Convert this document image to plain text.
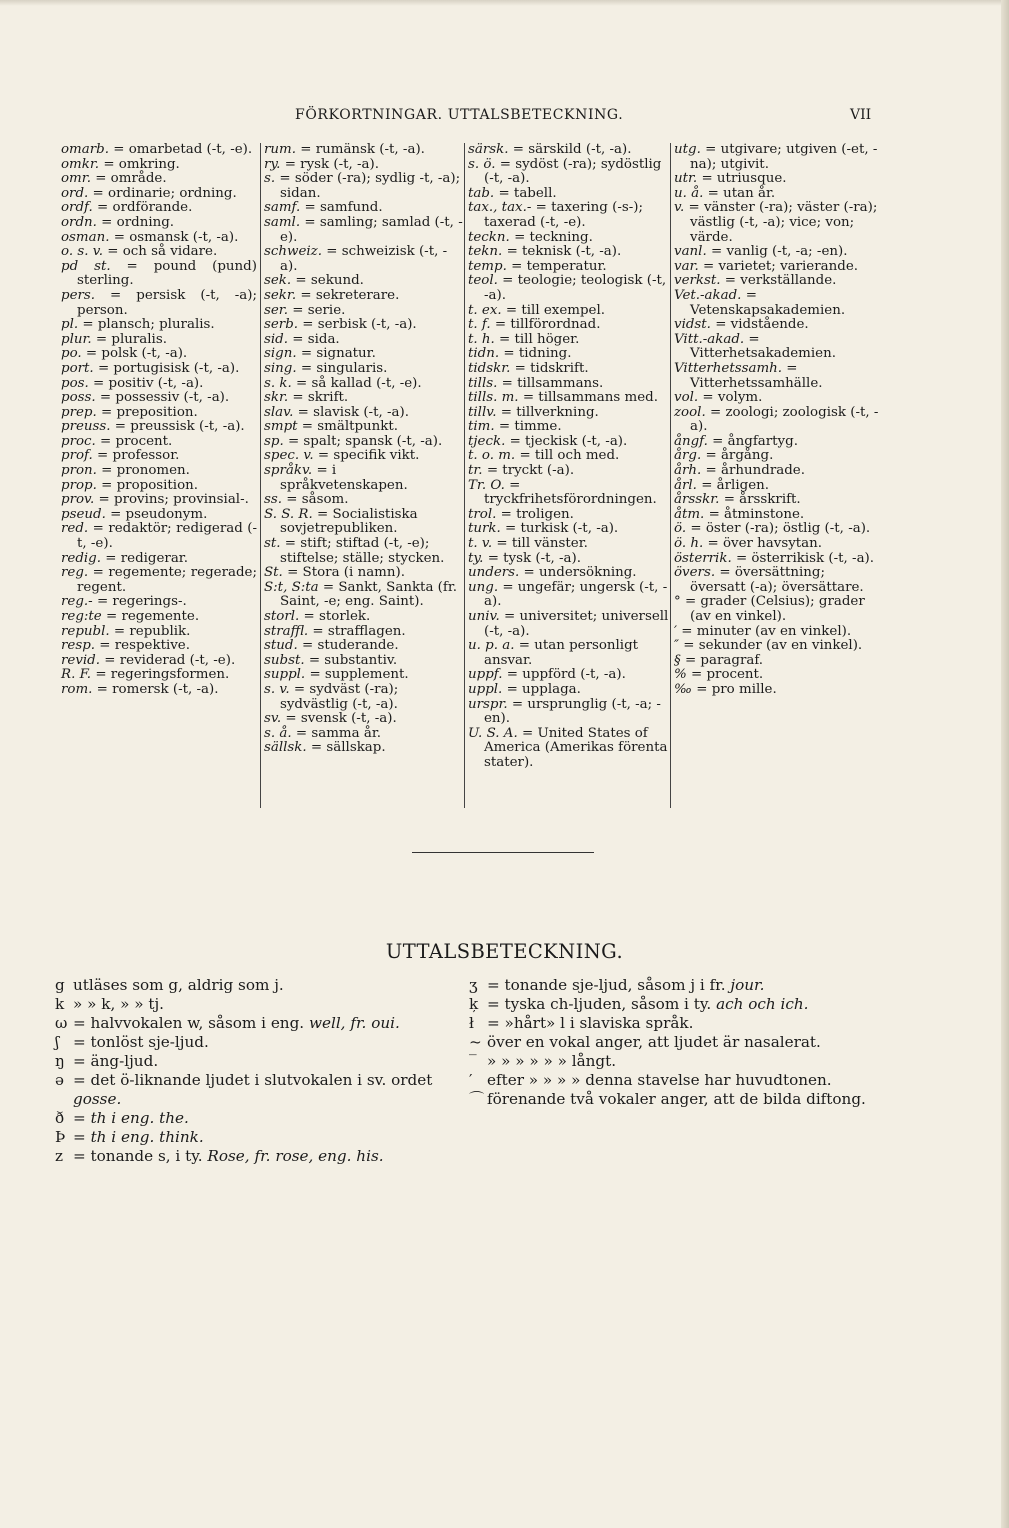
FÖRKORTNINGAR. UTTALSBETECKNING.	VII

omarb. = omarbetad (-t, -e).

omkr. = omkring.

omr. = område.

ord. = ordinarie; ordning.

ordf. = ordförande.

ordn. = ordning.

osman. = osmansk (-t, -a).

o. s. v. = och så vidare.

pd st. = pound (pund) sterling.

pers. = persisk (-t, -a); person.

pl. = plansch; pluralis.

plur. = pluralis.

po. = polsk (-t, -a).

port. = portugisisk (-t, -a).

pos. = positiv (-t, -a).

poss. = possessiv (-t, -a).

prep. = preposition.

preuss. = preussisk (-t, -a).

proc. = procent.

prof. = professor.

pron. = pronomen.

prop. = proposition.

prov. = provins; provinsial-.

pseud. = pseudonym.

red. = redaktör; redigerad (-t, -e).

redig. = redigerar.

reg. = regemente; regerade; regent.

reg.- = regerings-.

reg:te = regemente.

republ. = republik.

resp. = respektive.

revid. = reviderad (-t, -e).

R. F. = regeringsformen.

rom. = romersk (-t, -a).

rum. = rumänsk (-t, -a).

ry. = rysk (-t, -a).

s. = söder (-ra); sydlig -t, -a); sidan.

samf. = samfund.

saml. = samling; samlad (-t, -e).

schweiz. = schweizisk (-t, -a).

sek. = sekund.

sekr. = sekreterare.

ser. = serie.

serb. = serbisk (-t, -a).

sid. = sida.

sign. = signatur.

sing. = singularis.

s. k. = så kallad (-t, -e).

skr. = skrift.

slav. = slavisk (-t, -a).

smpt = smältpunkt.

sp. = spalt; spansk (-t, -a).

spec. v. = specifik vikt.

språkv. = i språkvetenskapen.

ss. = såsom.

S. S. R. = Socialistiska sovjetrepubliken.

st. = stift; stiftad (-t, -e); stiftelse; ställe; stycken.

St. = Stora (i namn).

S:t, S:ta = Sankt, Sankta (fr. Saint, -e; eng. Saint).

storl. = storlek.

straffl. = strafflagen.

stud. = studerande.

subst. = substantiv.

suppl. = supplement.

s. v. = sydväst (-ra); sydvästlig (-t, -a).

sv. = svensk (-t, -a).

s. å. = samma år.

sällsk. = sällskap.

särsk. = särskild (-t, -a).

s. ö. = sydöst (-ra); sydöstlig (-t, -a).

tab. = tabell.

tax., tax.- = taxering (-s-); taxerad (-t, -e).

teckn. = teckning.

tekn. = teknisk (-t, -a).

temp. = temperatur.

teol. = teologie; teologisk (-t, -a).

t. ex. = till exempel.

t. f. = tillförordnad.

t. h. = till höger.

tidn. = tidning.

tidskr. = tidskrift.

tills. = tillsammans.

tills. m. = tillsammans med.

tillv. = tillverkning.

tim. = timme.

tjeck. = tjeckisk (-t, -a).

t. o. m. = till och med.

tr. = tryckt (-a).

Tr. O. = tryckfrihetsförordningen.

trol. = troligen.

turk. = turkisk (-t, -a).

t. v. = till vänster.

ty. = tysk (-t, -a).

unders. = undersökning.

ung. = ungefär; ungersk (-t, -a).

univ. = universitet; universell (-t, -a).

u. p. a. = utan personligt ansvar.

uppf. = uppförd (-t, -a).

uppl. = upplaga.

urspr. = ursprunglig (-t, -a; -en).

U. S. A. = United States of America (Amerikas förenta stater).

utg. = utgivare; utgiven (-et, -na); utgivit.

utr. = utriusque.

u. å. = utan år.

v. = vänster (-ra); väster (-ra); västlig (-t, -a); vice; von; värde.

vanl. = vanlig (-t, -a; -en).

var. = varietet; varierande.

verkst. = verkställande.

Vet.-akad. = Vetenskapsakademien.

vidst. = vidstående.

Vitt.-akad. = Vitterhetsakademien.

Vitterhetssamh. = Vitterhetssamhälle.

vol. = volym.

zool. = zoologi; zoologisk (-t, -a).

ångf. = ångfartyg.

årg. = årgång.

årh. = århundrade.

årl. = årligen.

årsskr. = årsskrift.

åtm. = åtminstone.

ö. = öster (-ra); östlig (-t, -a).

ö. h. = över havsytan.

österrik. = österrikisk (-t, -a).

övers. = översättning; översatt (-a); översättare.

° = grader (Celsius); grader (av en vinkel).

′ = minuter (av en vinkel).

″ = sekunder (av en vinkel).

§ = paragraf.

% = procent.

‰ = pro mille.

UTTALSBETECKNING.
g utläses som g, aldrig som j.
k » » k, » » tj.
ω = halvvokalen w, såsom i eng. well, fr. oui.
ʃ = tonlöst sje-ljud.
ŋ = äng-ljud.
ə = det ö-liknande ljudet i slutvokalen i sv. ordet gosse.
ð = th i eng. the.
Þ = th i eng. think.
z = tonande s, i ty. Rose, fr. rose, eng. his.
ʒ = tonande sje-ljud, såsom j i fr. jour.
ķ = tyska ch-ljuden, såsom i ty. ach och ich.
ł = »hårt» l i slaviska språk.
~ över en vokal anger, att ljudet är nasalerat.
‾ » » » » » » långt.
′ efter » » » » denna stavelse har huvudtonen.
⌒ förenande två vokaler anger, att de bilda diftong.
